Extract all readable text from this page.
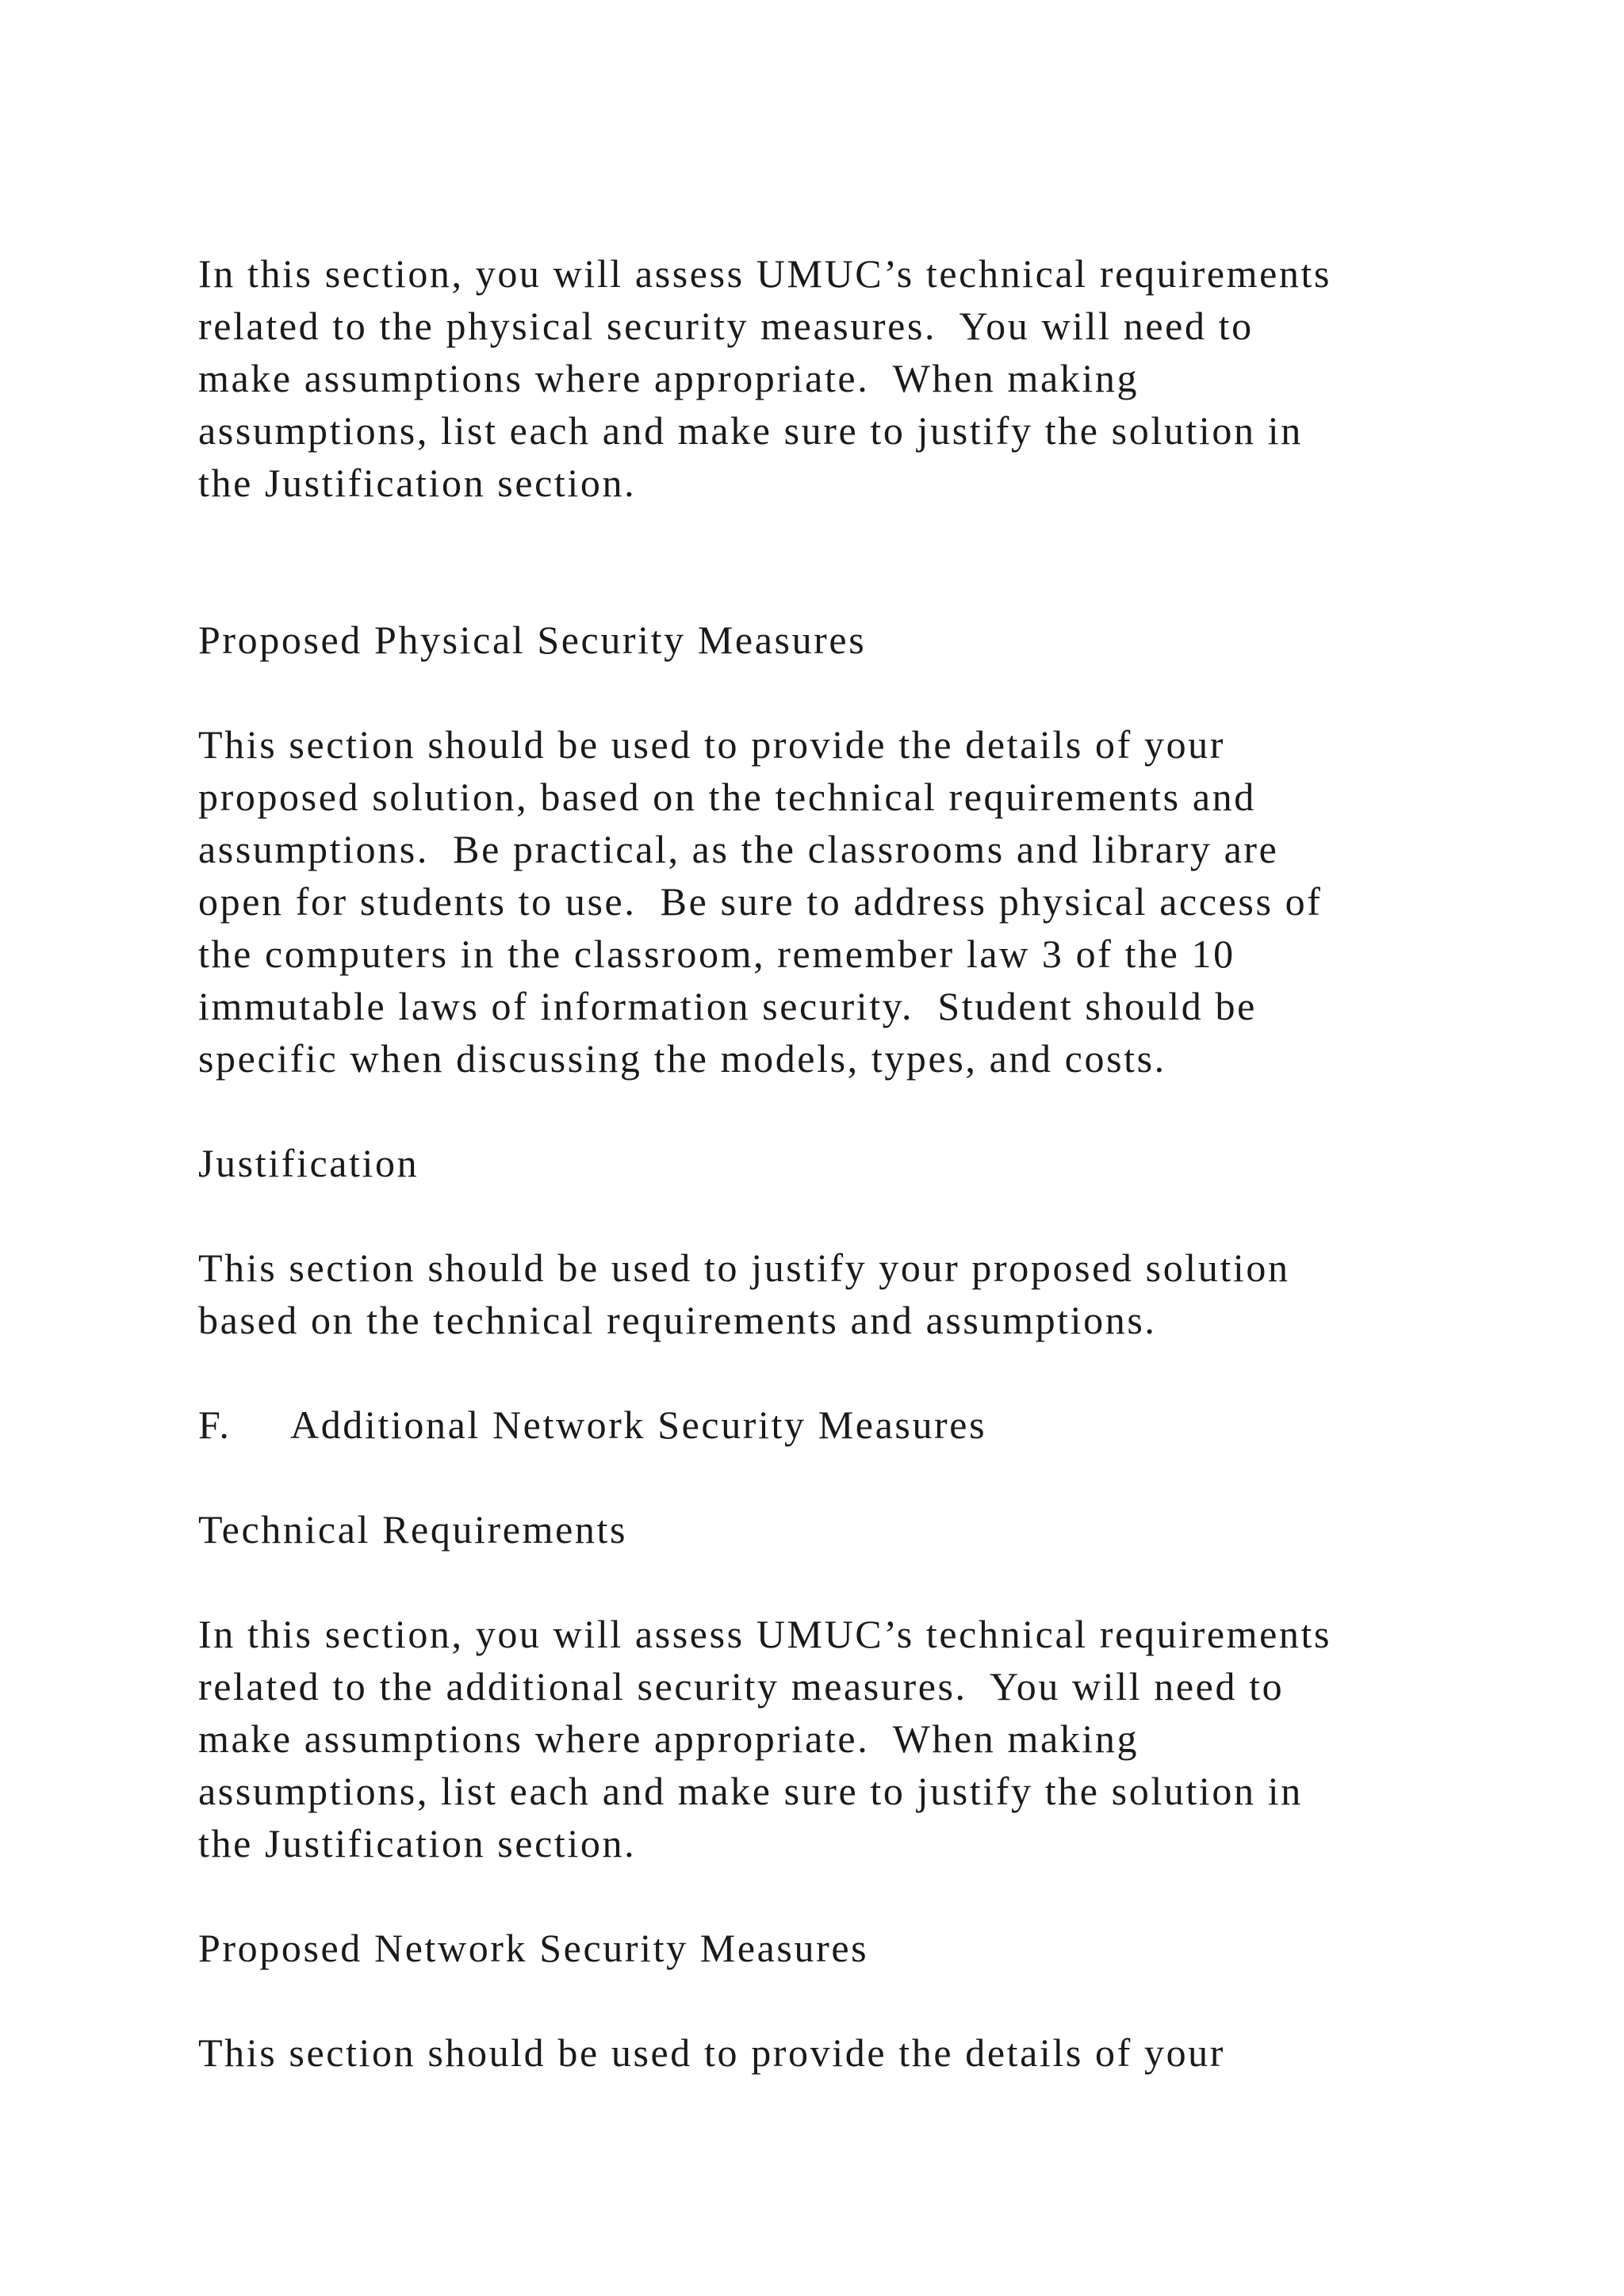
In this section, you will assess UMUC’s technical requirements
related to the physical security measures.  You will need to
make assumptions where appropriate.  When making
assumptions, list each and make sure to justify the solution in
the Justification section.
Proposed Physical Security Measures
This section should be used to provide the details of your
proposed solution, based on the technical requirements and
assumptions.  Be practical, as the classrooms and library are
open for students to use.  Be sure to address physical access of
the computers in the classroom, remember law 3 of the 10
immutable laws of information security.  Student should be
specific when discussing the models, types, and costs.
Justification
This section should be used to justify your proposed solution
based on the technical requirements and assumptions.
F. Additional Network Security Measures
Technical Requirements
In this section, you will assess UMUC’s technical requirements
related to the additional security measures.  You will need to
make assumptions where appropriate.  When making
assumptions, list each and make sure to justify the solution in
the Justification section.
Proposed Network Security Measures
This section should be used to provide the details of your
